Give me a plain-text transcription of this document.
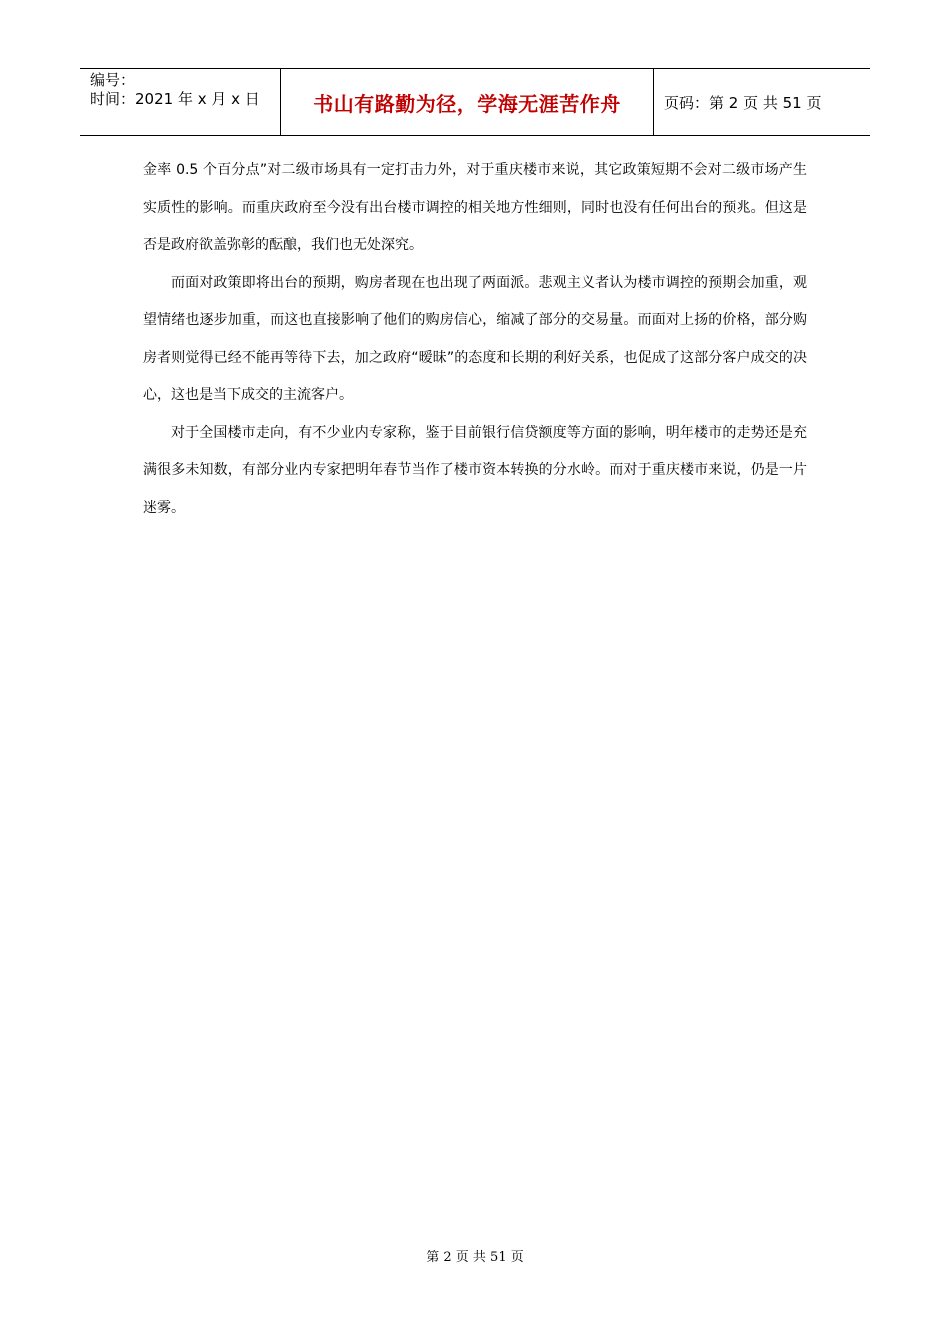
编号：
时间：2021 年 x 月 x 日	书山有路勤为径，学海无涯苦作舟	页码：第 2 页 共 51 页

金率 0.5 个百分点”对二级市场具有一定打击力外，对于重庆楼市来说，其它政策短期不会对二级市场产生实质性的影响。而重庆政府至今没有出台楼市调控的相关地方性细则，同时也没有任何出台的预兆。但这是否是政府欲盖弥彰的酝酿，我们也无处深究。

而面对政策即将出台的预期，购房者现在也出现了两面派。悲观主义者认为楼市调控的预期会加重，观望情绪也逐步加重，而这也直接影响了他们的购房信心，缩减了部分的交易量。而面对上扬的价格，部分购房者则觉得已经不能再等待下去，加之政府“暧昧”的态度和长期的利好关系，也促成了这部分客户成交的决心，这也是当下成交的主流客户。

对于全国楼市走向，有不少业内专家称，鉴于目前银行信贷额度等方面的影响，明年楼市的走势还是充满很多未知数，有部分业内专家把明年春节当作了楼市资本转换的分水岭。而对于重庆楼市来说，仍是一片迷雾。

第 2 页 共 51 页
